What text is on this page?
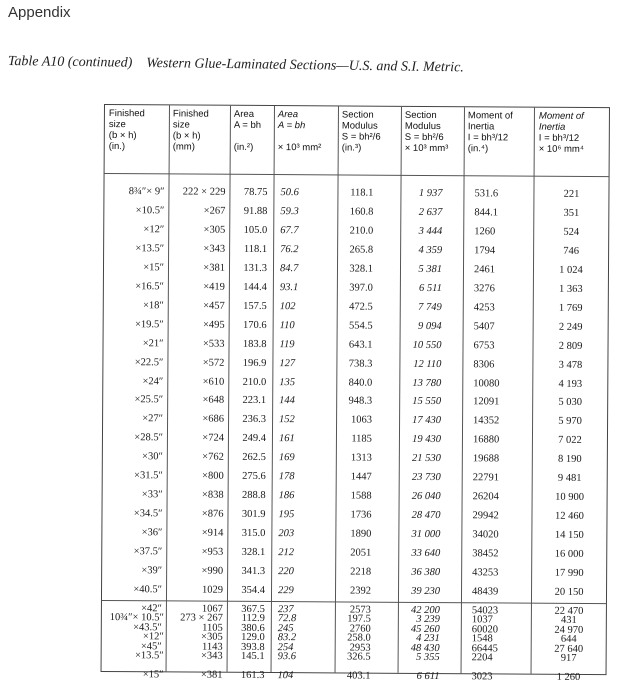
Appendix
Table A10 (continued) Western Glue-Laminated Sections—U.S. and S.I. Metric.
Finished
size
(b × h)
(in.)
Finished
size
(b × h)
(mm)
Area
A = bh

(in.²)
Area
A = bh

× 10³ mm²
Section
Modulus
S = bh²/6
(in.³)
Section
Modulus
S = bh²/6
× 10³ mm³
Moment of
Inertia
I = bh³/12
(in.⁴)
Moment of
Inertia
I = bh³/12
× 10⁶ mm⁴
8¾″× 9″
×10.5″
×12″
×13.5″
×15″
×16.5″
×18″
×19.5″
×21″
×22.5″
×24″
×25.5″
×27″
×28.5″
×30″
×31.5″
×33″
×34.5″
×36″
×37.5″
×39″
×40.5″
×42″
×43.5″
×45″
222 × 229
×267
×305
×343
×381
×419
×457
×495
×533
×572
×610
×648
×686
×724
×762
×800
×838
×876
×914
×953
×990
1029
1067
1105
1143
78.75
91.88
105.0
118.1
131.3
144.4
157.5
170.6
183.8
196.9
210.0
223.1
236.3
249.4
262.5
275.6
288.8
301.9
315.0
328.1
341.3
354.4
367.5
380.6
393.8
50.6
59.3
67.7
76.2
84.7
93.1
102
110
119
127
135
144
152
161
169
178
186
195
203
212
220
229
237
245
254
118.1
160.8
210.0
265.8
328.1
397.0
472.5
554.5
643.1
738.3
840.0
948.3
1063
1185
1313
1447
1588
1736
1890
2051
2218
2392
2573
2760
2953
1 937
2 637
3 444
4 359
5 381
6 511
7 749
9 094
10 550
12 110
13 780
15 550
17 430
19 430
21 530
23 730
26 040
28 470
31 000
33 640
36 380
39 230
42 200
45 260
48 430
531.6
844.1
1260
1794
2461
3276
4253
5407
6753
8306
10080
12091
14352
16880
19688
22791
26204
29942
34020
38452
43253
48439
54023
60020
66445
221
351
524
746
1 024
1 363
1 769
2 249
2 809
3 478
4 193
5 030
5 970
7 022
8 190
9 481
10 900
12 460
14 150
16 000
17 990
20 150
22 470
24 970
27 640
10¾″× 10.5″
×12″
×13.5″
×15″
273 × 267
×305
×343
×381
112.9
129.0
145.1
161.3
72.8
83.2
93.6
104
197.5
258.0
326.5
403.1
3 239
4 231
5 355
6 611
1037
1548
2204
3023
431
644
917
1 260
